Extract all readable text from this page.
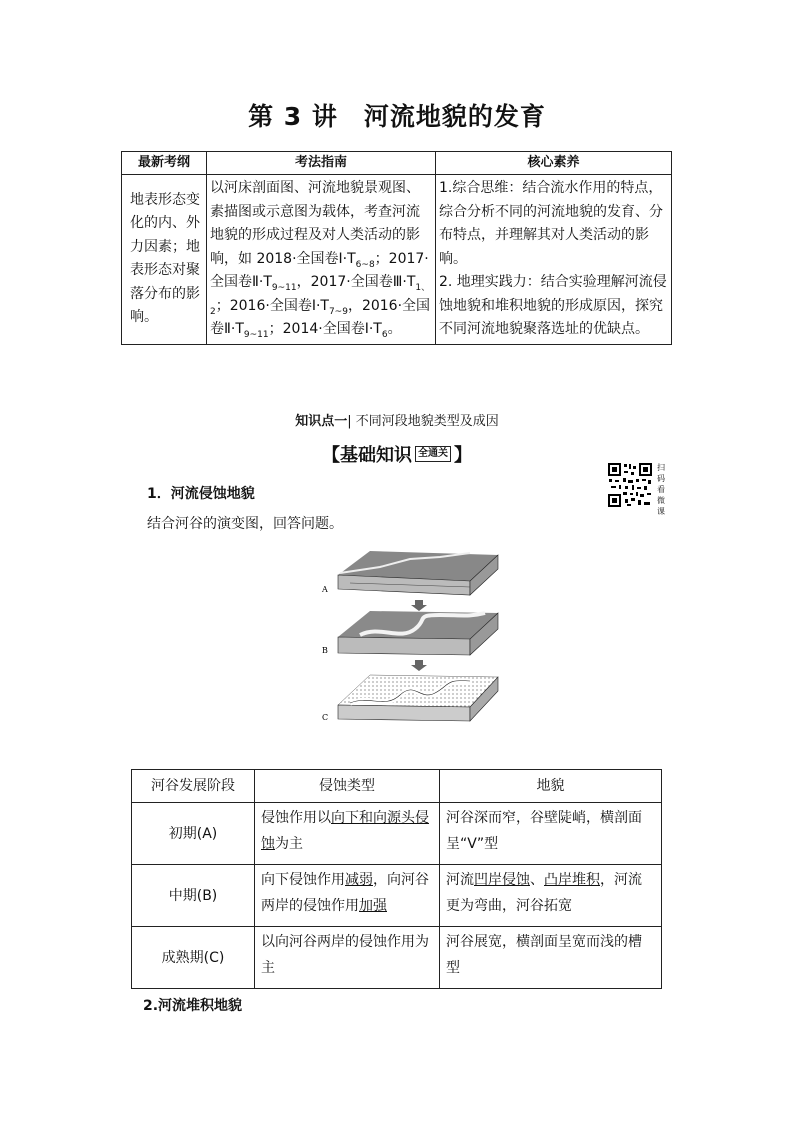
第 3 讲　河流地貌的发育
最新考纲	考法指南	核心素养
地表形态变化的内、外力因素；地表形态对聚落分布的影响。	以河床剖面图、河流地貌景观图、素描图或示意图为载体，考查河流地貌的形成过程及对人类活动的影响，如 2018·全国卷$Ⅰ\cdot T_{6\sim 8}$；2017·全国卷$Ⅱ\cdot T_{9\sim 11}$，2017·全国卷$Ⅲ\cdot T_{1、2}$；2016·全国卷$Ⅰ\cdot T_{7\sim 9}$，2016·全国卷$Ⅱ\cdot T_{9\sim 11}$；2014·全国卷$Ⅰ\cdot T_6$。	1.综合思维：结合流水作用的特点，综合分析不同的河流地貌的发育、分布特点，并理解其对人类活动的影响。
2. 地理实践力：结合实验理解河流侵蚀地貌和堆积地貌的形成原因，探究不同河流地貌聚落选址的优缺点。
知识点一| 不同河段地貌类型及成因
【基础知识 全通关 】
扫码看微课
1．河流侵蚀地貌
结合河谷的演变图，回答问题。
A
B
C
河谷发展阶段	侵蚀类型	地貌
初期(A)	侵蚀作用以向下和向源头侵蚀为主	河谷深而窄，谷壁陡峭，横剖面呈“V”型
中期(B)	向下侵蚀作用减弱，向河谷两岸的侵蚀作用加强	河流凹岸侵蚀、凸岸堆积，河流更为弯曲，河谷拓宽
成熟期(C)	以向河谷两岸的侵蚀作用为主	河谷展宽，横剖面呈宽而浅的槽型
2.河流堆积地貌
